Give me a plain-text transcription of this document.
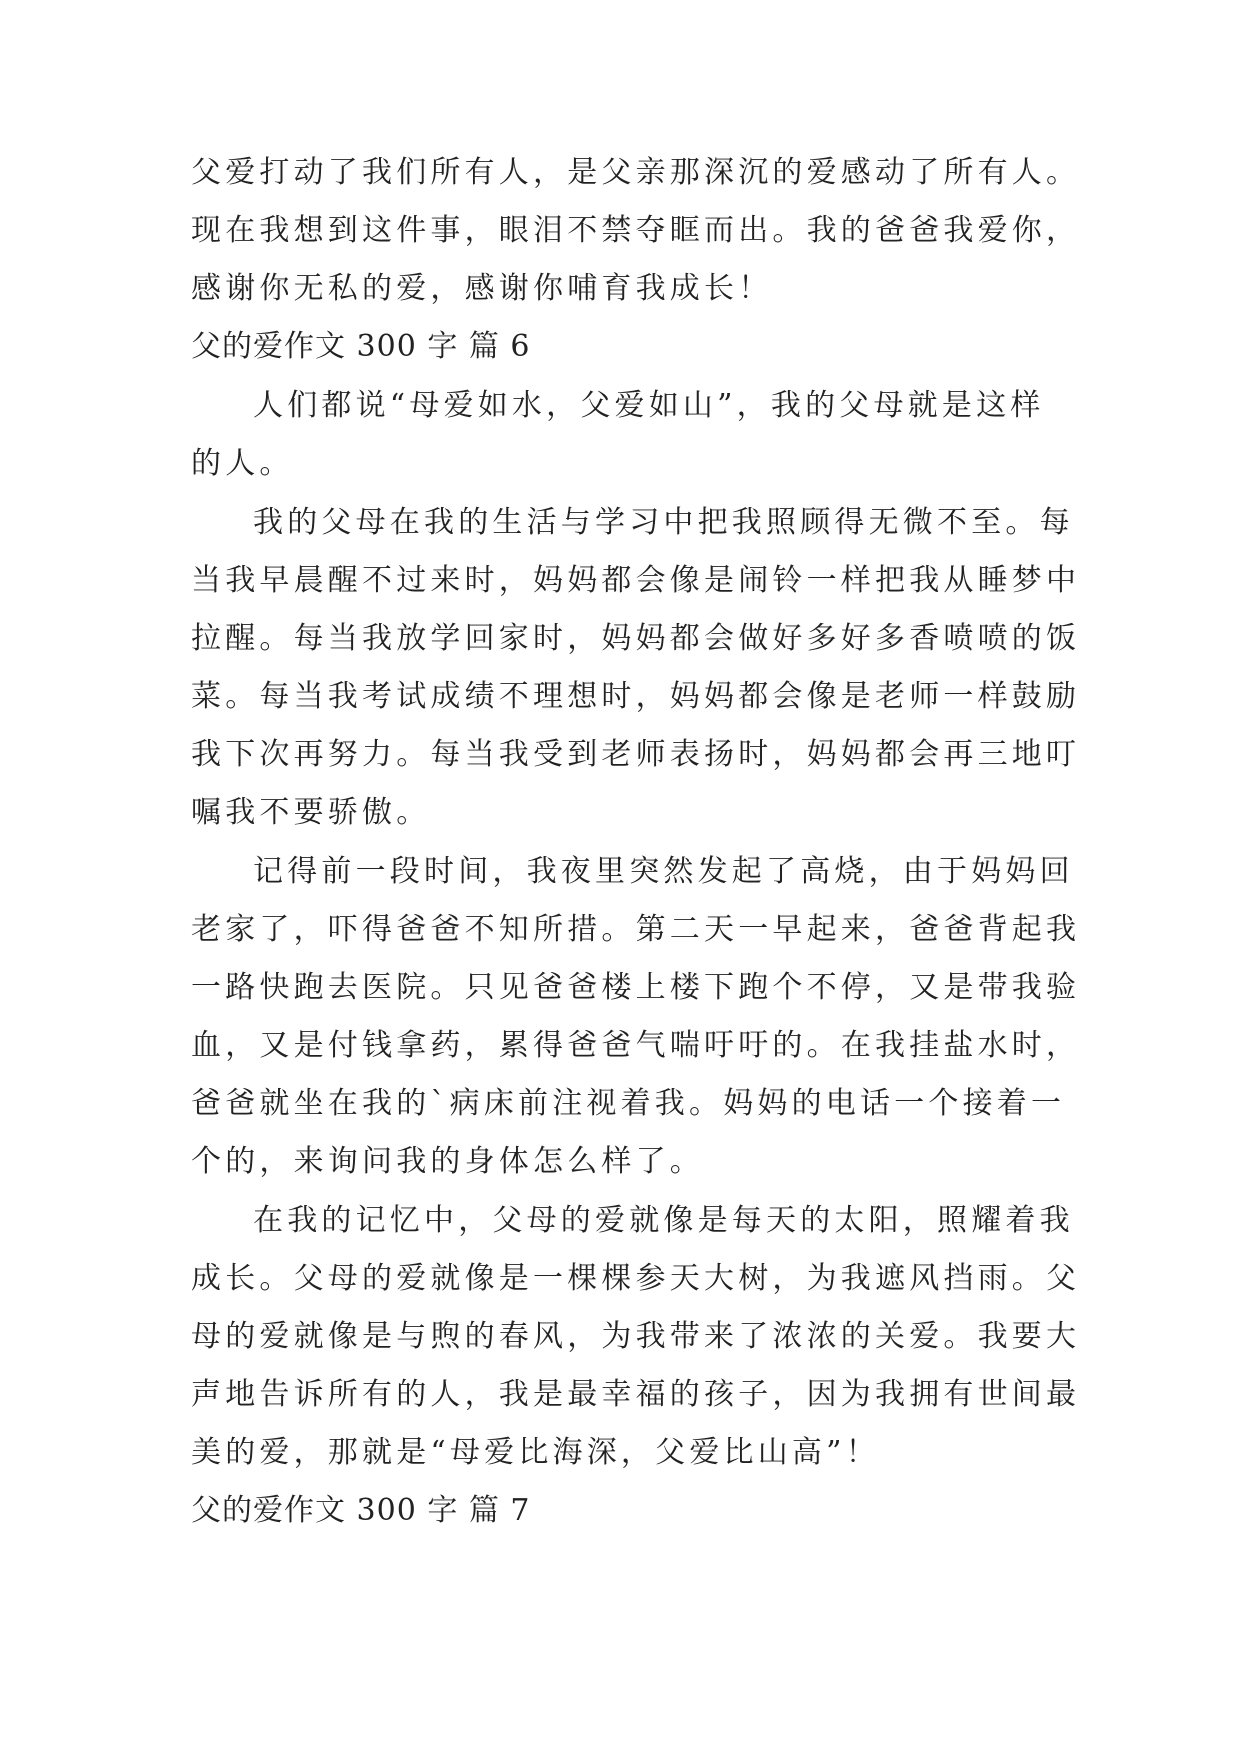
父爱打动了我们所有人，是父亲那深沉的爱感动了所有人。
现在我想到这件事，眼泪不禁夺眶而出。我的爸爸我爱你，
感谢你无私的爱，感谢你哺育我成长！
父的爱作文 300 字 篇 6
人们都说“母爱如水，父爱如山”，我的父母就是这样
的人。
我的父母在我的生活与学习中把我照顾得无微不至。每
当我早晨醒不过来时，妈妈都会像是闹铃一样把我从睡梦中
拉醒。每当我放学回家时，妈妈都会做好多好多香喷喷的饭
菜。每当我考试成绩不理想时，妈妈都会像是老师一样鼓励
我下次再努力。每当我受到老师表扬时，妈妈都会再三地叮
嘱我不要骄傲。
记得前一段时间，我夜里突然发起了高烧，由于妈妈回
老家了，吓得爸爸不知所措。第二天一早起来，爸爸背起我
一路快跑去医院。只见爸爸楼上楼下跑个不停，又是带我验
血，又是付钱拿药，累得爸爸气喘吁吁的。在我挂盐水时，
爸爸就坐在我的`病床前注视着我。妈妈的电话一个接着一
个的，来询问我的身体怎么样了。
在我的记忆中，父母的爱就像是每天的太阳，照耀着我
成长。父母的爱就像是一棵棵参天大树，为我遮风挡雨。父
母的爱就像是与煦的春风，为我带来了浓浓的关爱。我要大
声地告诉所有的人，我是最幸福的孩子，因为我拥有世间最
美的爱，那就是“母爱比海深，父爱比山高”！
父的爱作文 300 字 篇 7
